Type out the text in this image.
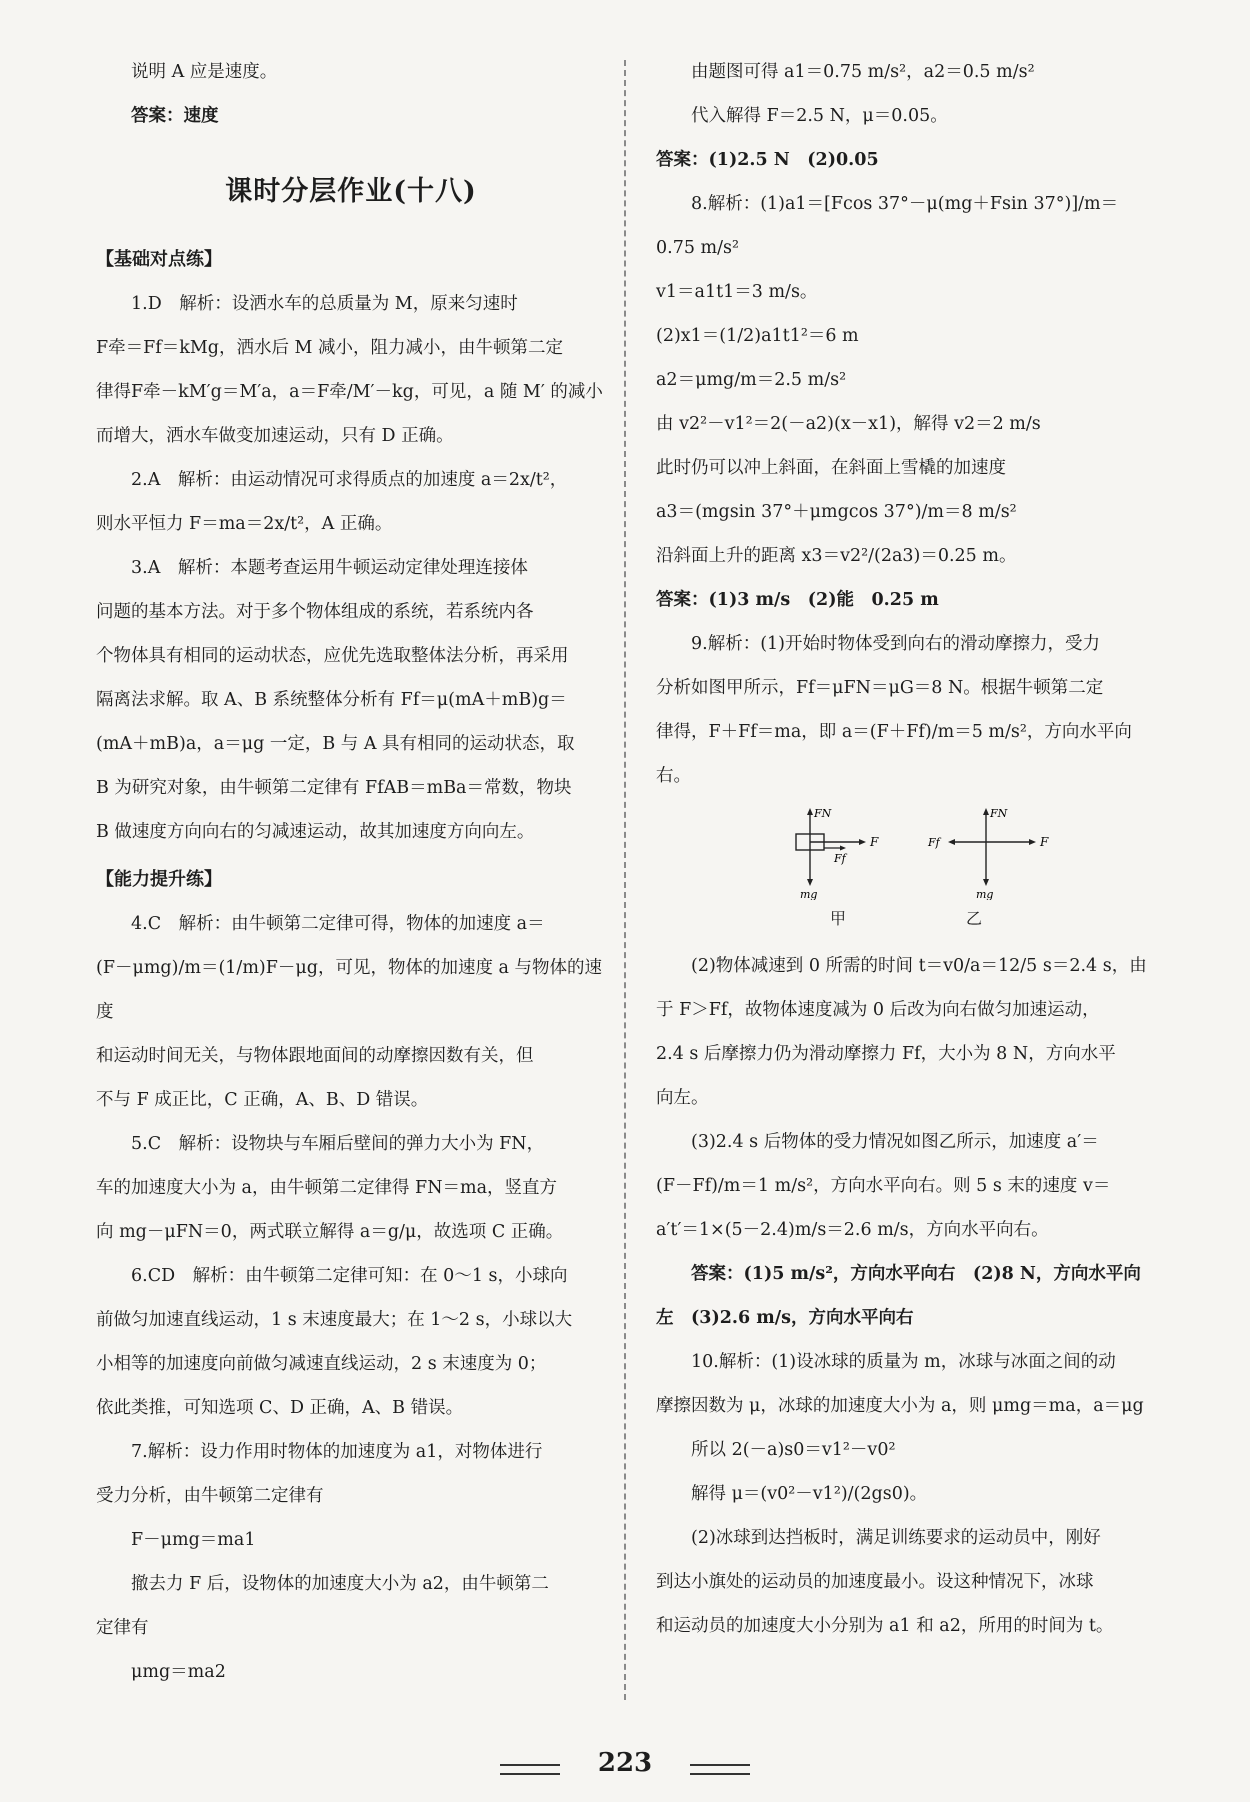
说明 A 应是速度。

答案：速度

课时分层作业(十八)

【基础对点练】

1.D　解析：设洒水车的总质量为 M，原来匀速时

F牵＝Ff＝kMg，洒水后 M 减小，阻力减小，由牛顿第二定

律得F牵－kM′g＝M′a，a＝F牵/M′－kg，可见，a 随 M′ 的减小

而增大，洒水车做变加速运动，只有 D 正确。

2.A　解析：由运动情况可求得质点的加速度 a＝2x/t²，

则水平恒力 F＝ma＝2x/t²，A 正确。

3.A　解析：本题考查运用牛顿运动定律处理连接体

问题的基本方法。对于多个物体组成的系统，若系统内各

个物体具有相同的运动状态，应优先选取整体法分析，再采用

隔离法求解。取 A、B 系统整体分析有 Ff＝μ(mA＋mB)g＝

(mA＋mB)a，a＝μg 一定，B 与 A 具有相同的运动状态，取

B 为研究对象，由牛顿第二定律有 FfAB＝mBa＝常数，物块

B 做速度方向向右的匀减速运动，故其加速度方向向左。

【能力提升练】

4.C　解析：由牛顿第二定律可得，物体的加速度 a＝

(F－μmg)/m＝(1/m)F－μg，可见，物体的加速度 a 与物体的速度

和运动时间无关，与物体跟地面间的动摩擦因数有关，但

不与 F 成正比，C 正确，A、B、D 错误。

5.C　解析：设物块与车厢后壁间的弹力大小为 FN，

车的加速度大小为 a，由牛顿第二定律得 FN＝ma，竖直方

向 mg－μFN＝0，两式联立解得 a＝g/μ，故选项 C 正确。

6.CD　解析：由牛顿第二定律可知：在 0～1 s，小球向

前做匀加速直线运动，1 s 末速度最大；在 1～2 s，小球以大

小相等的加速度向前做匀减速直线运动，2 s 末速度为 0；

依此类推，可知选项 C、D 正确，A、B 错误。

7.解析：设力作用时物体的加速度为 a1，对物体进行

受力分析，由牛顿第二定律有

F－μmg＝ma1

撤去力 F 后，设物体的加速度大小为 a2，由牛顿第二

定律有

μmg＝ma2

由题图可得 a1＝0.75 m/s²，a2＝0.5 m/s²

代入解得 F＝2.5 N，μ＝0.05。

答案：(1)2.5 N　(2)0.05

8.解析：(1)a1＝[Fcos 37°－μ(mg＋Fsin 37°)]/m＝0.75 m/s²

v1＝a1t1＝3 m/s。

(2)x1＝(1/2)a1t1²＝6 m

a2＝μmg/m＝2.5 m/s²

由 v2²－v1²＝2(－a2)(x－x1)，解得 v2＝2 m/s

此时仍可以冲上斜面，在斜面上雪橇的加速度

a3＝(mgsin 37°＋μmgcos 37°)/m＝8 m/s²

沿斜面上升的距离 x3＝v2²/(2a3)＝0.25 m。

答案：(1)3 m/s　(2)能　0.25 m

9.解析：(1)开始时物体受到向右的滑动摩擦力，受力

分析如图甲所示，Ff＝μFN＝μG＝8 N。根据牛顿第二定

律得，F＋Ff＝ma，即 a＝(F＋Ff)/m＝5 m/s²，方向水平向右。

FN
F
Ff
mg
FN
F
Ff
mg
甲	乙

(2)物体减速到 0 所需的时间 t＝v0/a＝12/5 s＝2.4 s，由

于 F＞Ff，故物体速度减为 0 后改为向右做匀加速运动，

2.4 s 后摩擦力仍为滑动摩擦力 Ff，大小为 8 N，方向水平

向左。

(3)2.4 s 后物体的受力情况如图乙所示，加速度 a′＝

(F－Ff)/m＝1 m/s²，方向水平向右。则 5 s 末的速度 v＝

a′t′＝1×(5－2.4)m/s＝2.6 m/s，方向水平向右。

答案：(1)5 m/s²，方向水平向右　(2)8 N，方向水平向

左　(3)2.6 m/s，方向水平向右

10.解析：(1)设冰球的质量为 m，冰球与冰面之间的动

摩擦因数为 μ，冰球的加速度大小为 a，则 μmg＝ma，a＝μg

所以 2(－a)s0＝v1²－v0²

解得 μ＝(v0²－v1²)/(2gs0)。

(2)冰球到达挡板时，满足训练要求的运动员中，刚好

到达小旗处的运动员的加速度最小。设这种情况下，冰球

和运动员的加速度大小分别为 a1 和 a2，所用的时间为 t。

223
